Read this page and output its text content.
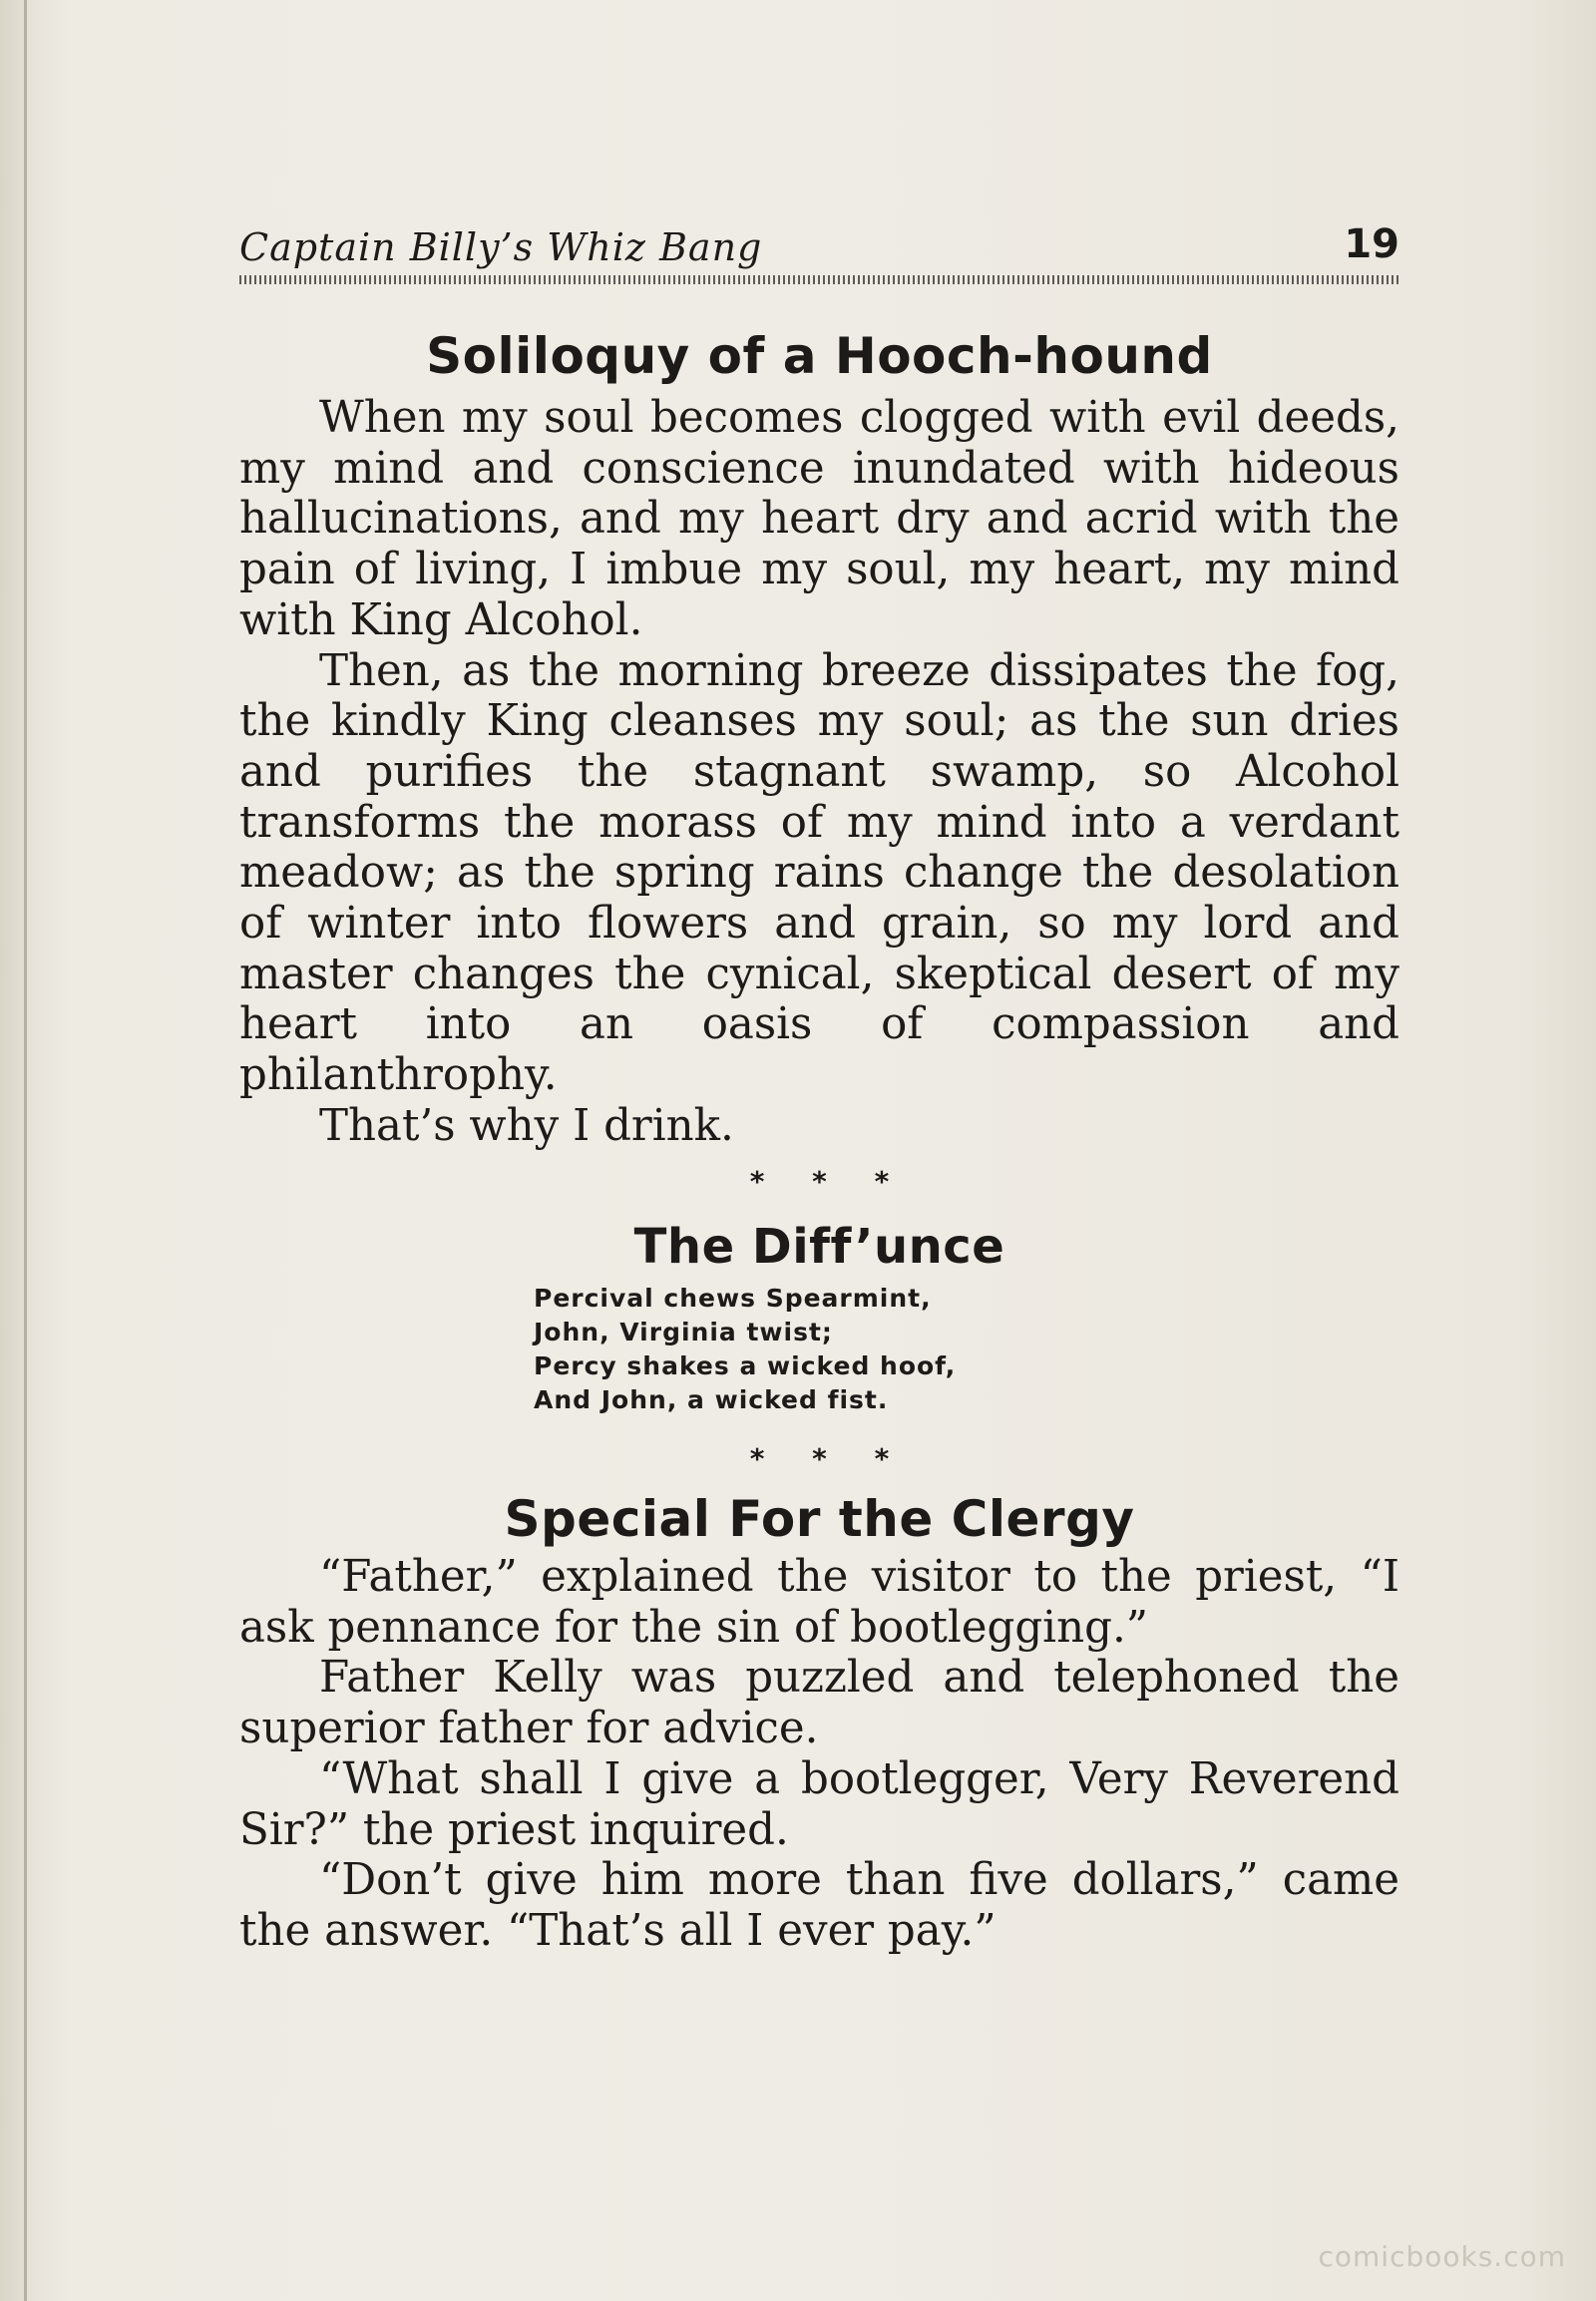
Captain Billy’s Whiz Bang	19
Soliloquy of a Hooch-hound

When my soul becomes clogged with evil deeds, my mind and conscience inundated with hideous hallucinations, and my heart dry and acrid with the pain of living, I imbue my soul, my heart, my mind with King Alcohol.

Then, as the morning breeze dissipates the fog, the kindly King cleanses my soul; as the sun dries and purifies the stagnant swamp, so Alcohol transforms the morass of my mind into a verdant meadow; as the spring rains change the desolation of winter into flowers and grain, so my lord and master changes the cynical, skeptical desert of my heart into an oasis of compassion and philanthrophy.

That’s why I drink.

* * *
The Diff’unce
Percival chews Spearmint,
John, Virginia twist;
Percy shakes a wicked hoof,
And John, a wicked fist.
* * *
Special For the Clergy

“Father,” explained the visitor to the priest, “I ask pennance for the sin of bootlegging.”

Father Kelly was puzzled and telephoned the superior father for advice.

“What shall I give a bootlegger, Very Reverend Sir?” the priest inquired.

“Don’t give him more than five dollars,” came the answer. “That’s all I ever pay.”

comicbooks.com
